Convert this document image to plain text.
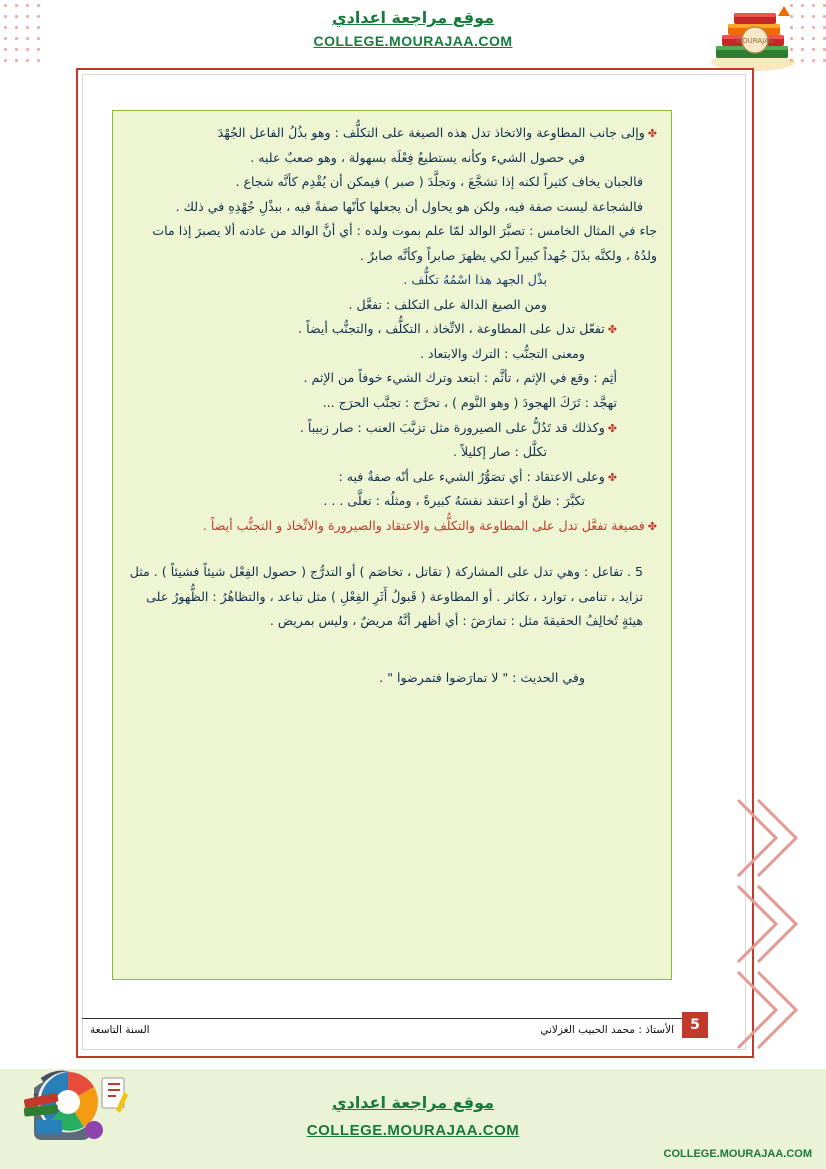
موقع مراجعة اعدادي
COLLEGE.MOURAJAA.COM	MOURAJAA
✤وإلى جانب المطاوعة والاتخاذ تدل هذه الصيغة على التكلُّف : وهو بذُلُ الفاعل الجُهْدَ
في حصول الشيء وكأنه يستطيعُ فِعْلَه بسهولة ، وهو صعبٌ عليه .
فالجبان يخاف كثيراً لكنه إذا تشجَّعَ ، وتجلَّدَ ( صبر ) فيمكن أن يُقْدِم كأنَّه شجاع .
فالشجاعة ليست صفة فيه، ولكن هو يحاول أن يجعلها كأنّها صفةً فيه ، ببذْلِ جُهْدِهِ في ذلك .
جاء في المثال الخامس : تصبَّرَ الوالد لمّا علم بموت ولده : أي أنَّ الوالد من عادته ألا يصبرَ إذا مات ولدُهُ ، ولكنَّه بذَلَ جُهداً كبيراً لكي يظهرَ صابراً وكأنَّه صابرٌ .
بذْل الجهد هذا اسْمُهُ تكلُّف .
ومن الصيغ الدالة على التكلف : تفعَّل .
✤تفعّل تدل على المطاوعة ، الاتِّخاذ ، التكلُّف ، والتجنُّب أيضاً .
ومعنى التجنُّب : الترك والابتعاد .
أثِم : وقع في الإثم ، تأثَّم : ابتعد وترك الشيء خوفاً من الإثم .
تهجَّد : تَرَكَ الهجودَ ( وهو النَّوم ) ، تحرَّج : تجنَّب الحرَج ...
✤وكذلك قد تَدُلُّ على الصيرورة مثل تزبَّبَ العنب : صار زبيباً .
تكلَّل : صار إكليلاً .
✤وعلى الاعتقاد : أي تصَوُّرُ الشيء على أنّه صفةٌ فيه :
تكبَّرَ : ظنَّ أو اعتقد نفسَهُ كبيرةً ، ومثلُه : تعلَّى . . .
✤فصيغة تفعَّل تدل على المطاوعة والتكلُّف والاعتقاد والصيرورة والاتِّخاذ و التجنُّب أيضاً .
5 . تفاعل : وهي تدل على المشاركة ( تقاتل ، تخاصَم ) أو التدرُّج ( حصول الفِعْل شيئاً فشيئاً ) . مثل تزايد ، تنامى ، توارد ، تكاثر . أو المطاوعة ( قَبولُ أَثَرِ الفِعْلِ ) مثل تباعد ، والتظاهُرُ : الظُّهورُ على هيئةٍ تُخالِفُ الحقيقةَ مثل : تمارَضَ : أي أظهر أنَّهُ مريضٌ ، وليس بمريض .
وفي الحديث : " لا تمارَضوا فتمرضوا " .
الأستاذ : محمد الحبيب الغزلاني
السنة التاسعة	5
موقع مراجعة اعدادي
COLLEGE.MOURAJAA.COM
COLLEGE.MOURAJAA.COM
